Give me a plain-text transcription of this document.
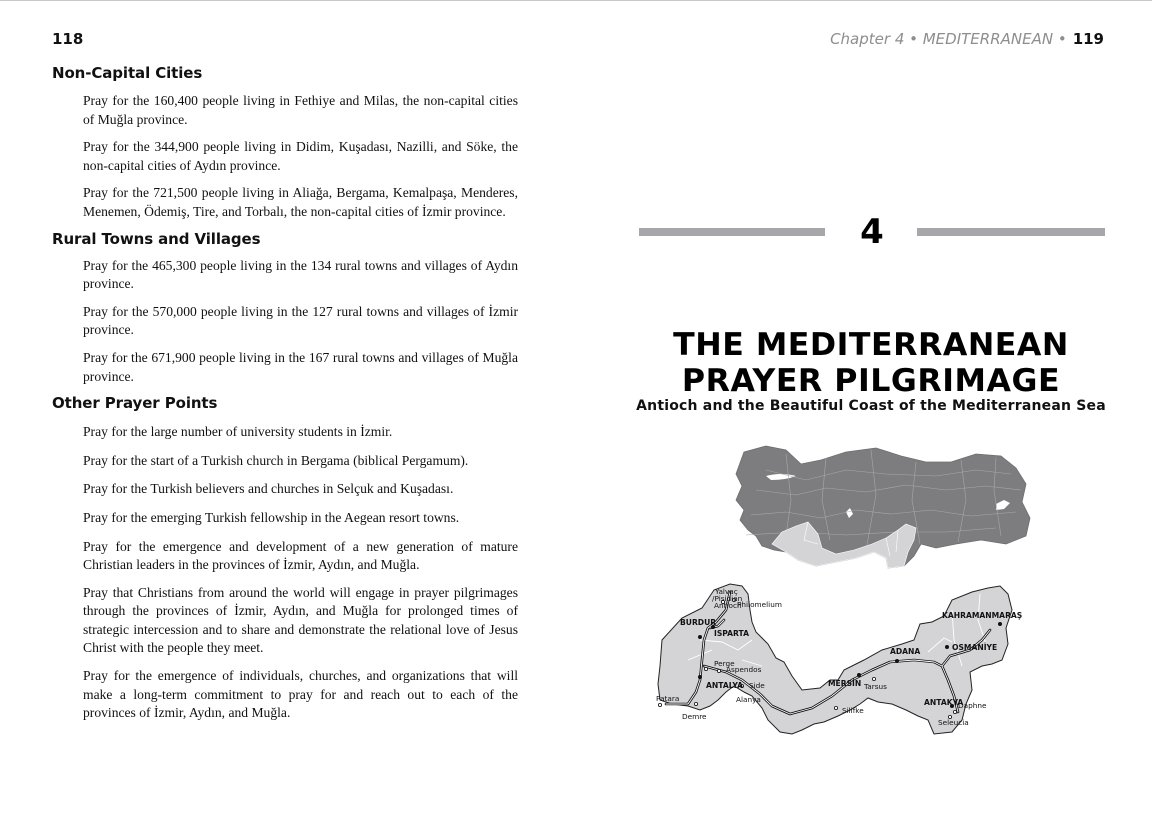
118
Non-Capital Cities

Pray for the 160,400 people living in Fethiye and Milas, the non-capital cities of Muğla province.

Pray for the 344,900 people living in Didim, Kuşadası, Nazilli, and Söke, the non-capital cities of Aydın province.

Pray for the 721,500 people living in Aliağa, Bergama, Kemalpaşa, Menderes, Menemen, Ödemiş, Tire, and Torbalı, the non-capital cities of İzmir province.

Rural Towns and Villages

Pray for the 465,300 people living in the 134 rural towns and villages of Aydın province.

Pray for the 570,000 people living in the 127 rural towns and villages of İzmir province.

Pray for the 671,900 people living in the 167 rural towns and villages of Muğla province.

Other Prayer Points

Pray for the large number of university students in İzmir.

Pray for the start of a Turkish church in Bergama (biblical Pergamum).

Pray for the Turkish believers and churches in Selçuk and Kuşadası.

Pray for the emerging Turkish fellowship in the Aegean resort towns.

Pray for the emergence and development of a new generation of mature Christian leaders in the provinces of İzmir, Aydın, and Muğla.

Pray that Christians from around the world will engage in prayer pilgrimages through the provinces of İzmir, Aydın, and Muğla for prolonged times of strategic intercession and to share and demonstrate the relational love of Jesus Christ with the people they meet.

Pray for the emergence of individuals, churches, and organizations that will make a long-term commitment to pray for and reach out to each of the provinces of İzmir, Aydın, and Muğla.

Chapter 4 • MEDITERRANEAN • 119
4
THE MEDITERRANEAN
PRAYER PILGRIMAGE
Antioch and the Beautiful Coast of the Mediterranean Sea
Yalvaç
/Pisidian
Antioch
Philomelium
BURDUR
ISPARTA
Perge
Aspendos
ANTALYA Side
Alanya
Patara
Demre
Silifke
MERSİN Tarsus
ADANA	OSMANİYE
KAHRAMANMARAŞ
ANTAKYA
Daphne
Seleucia
